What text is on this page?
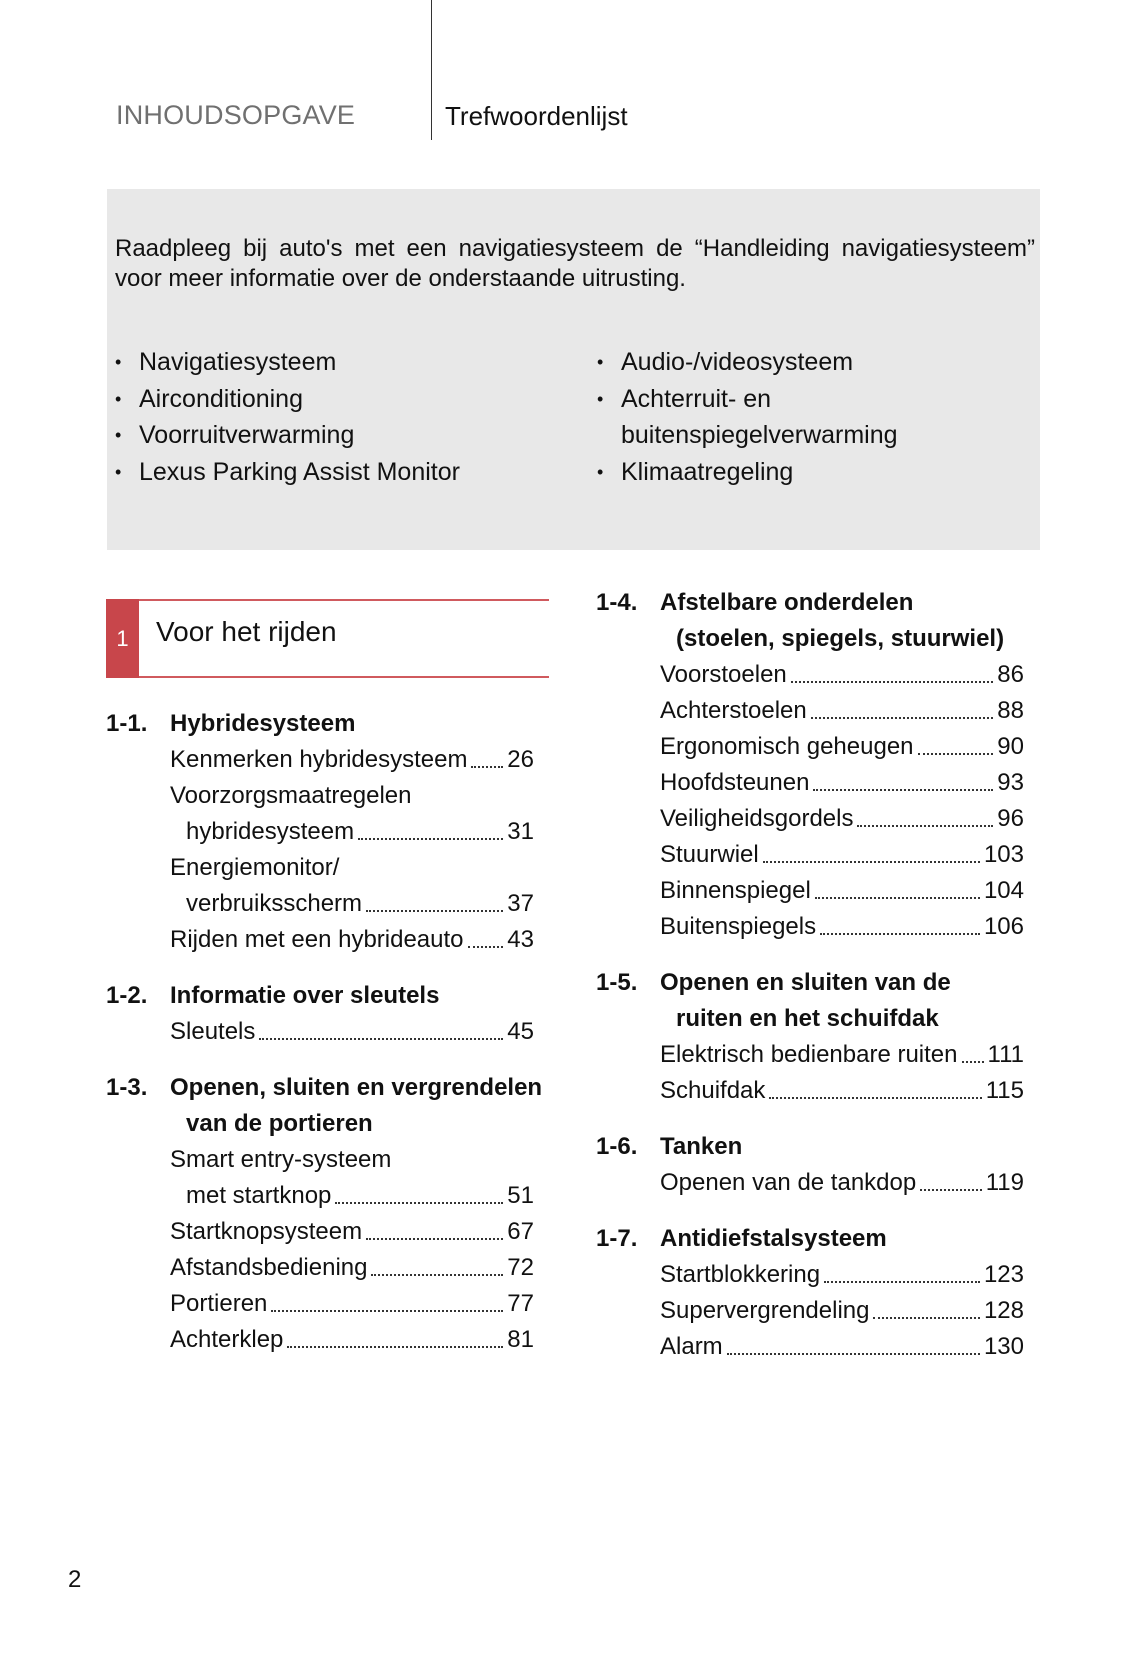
INHOUDSOPGAVE	Trefwoordenlijst
Raadpleeg bij auto's met een navigatiesysteem de “Handleiding navigatiesysteem” voor meer informatie over de onderstaande uitrusting.
• Navigatiesysteem
• Airconditioning
• Voorruitverwarming
• Lexus Parking Assist Monitor
• Audio-/videosysteem
• Achterruit- en
buitenspiegelverwarming
• Klimaatregeling
1 Voor het rijden
1-1. Hybridesysteem
Kenmerken hybridesysteem 26
Voorzorgsmaatregelen
hybridesysteem	31
Energiemonitor/
verbruiksscherm	37
Rijden met een hybrideauto 43
1-2. Informatie over sleutels
Sleutels	45
1-3. Openen, sluiten en vergrendelen
van de portieren
Smart entry-systeem
met startknop	51
Startknopsysteem	67
Afstandsbediening	72
Portieren	77
Achterklep	81
1-4. Afstelbare onderdelen
(stoelen, spiegels, stuurwiel)
Voorstoelen	86
Achterstoelen	88
Ergonomisch geheugen	90
Hoofdsteunen	93
Veiligheidsgordels	96
Stuurwiel	103
Binnenspiegel	104
Buitenspiegels	106
1-5. Openen en sluiten van de
ruiten en het schuifdak
Elektrisch bedienbare ruiten 111
Schuifdak	115
1-6. Tanken
Openen van de tankdop	119
1-7. Antidiefstalsysteem
Startblokkering	123
Supervergrendeling	128
Alarm	130
2
